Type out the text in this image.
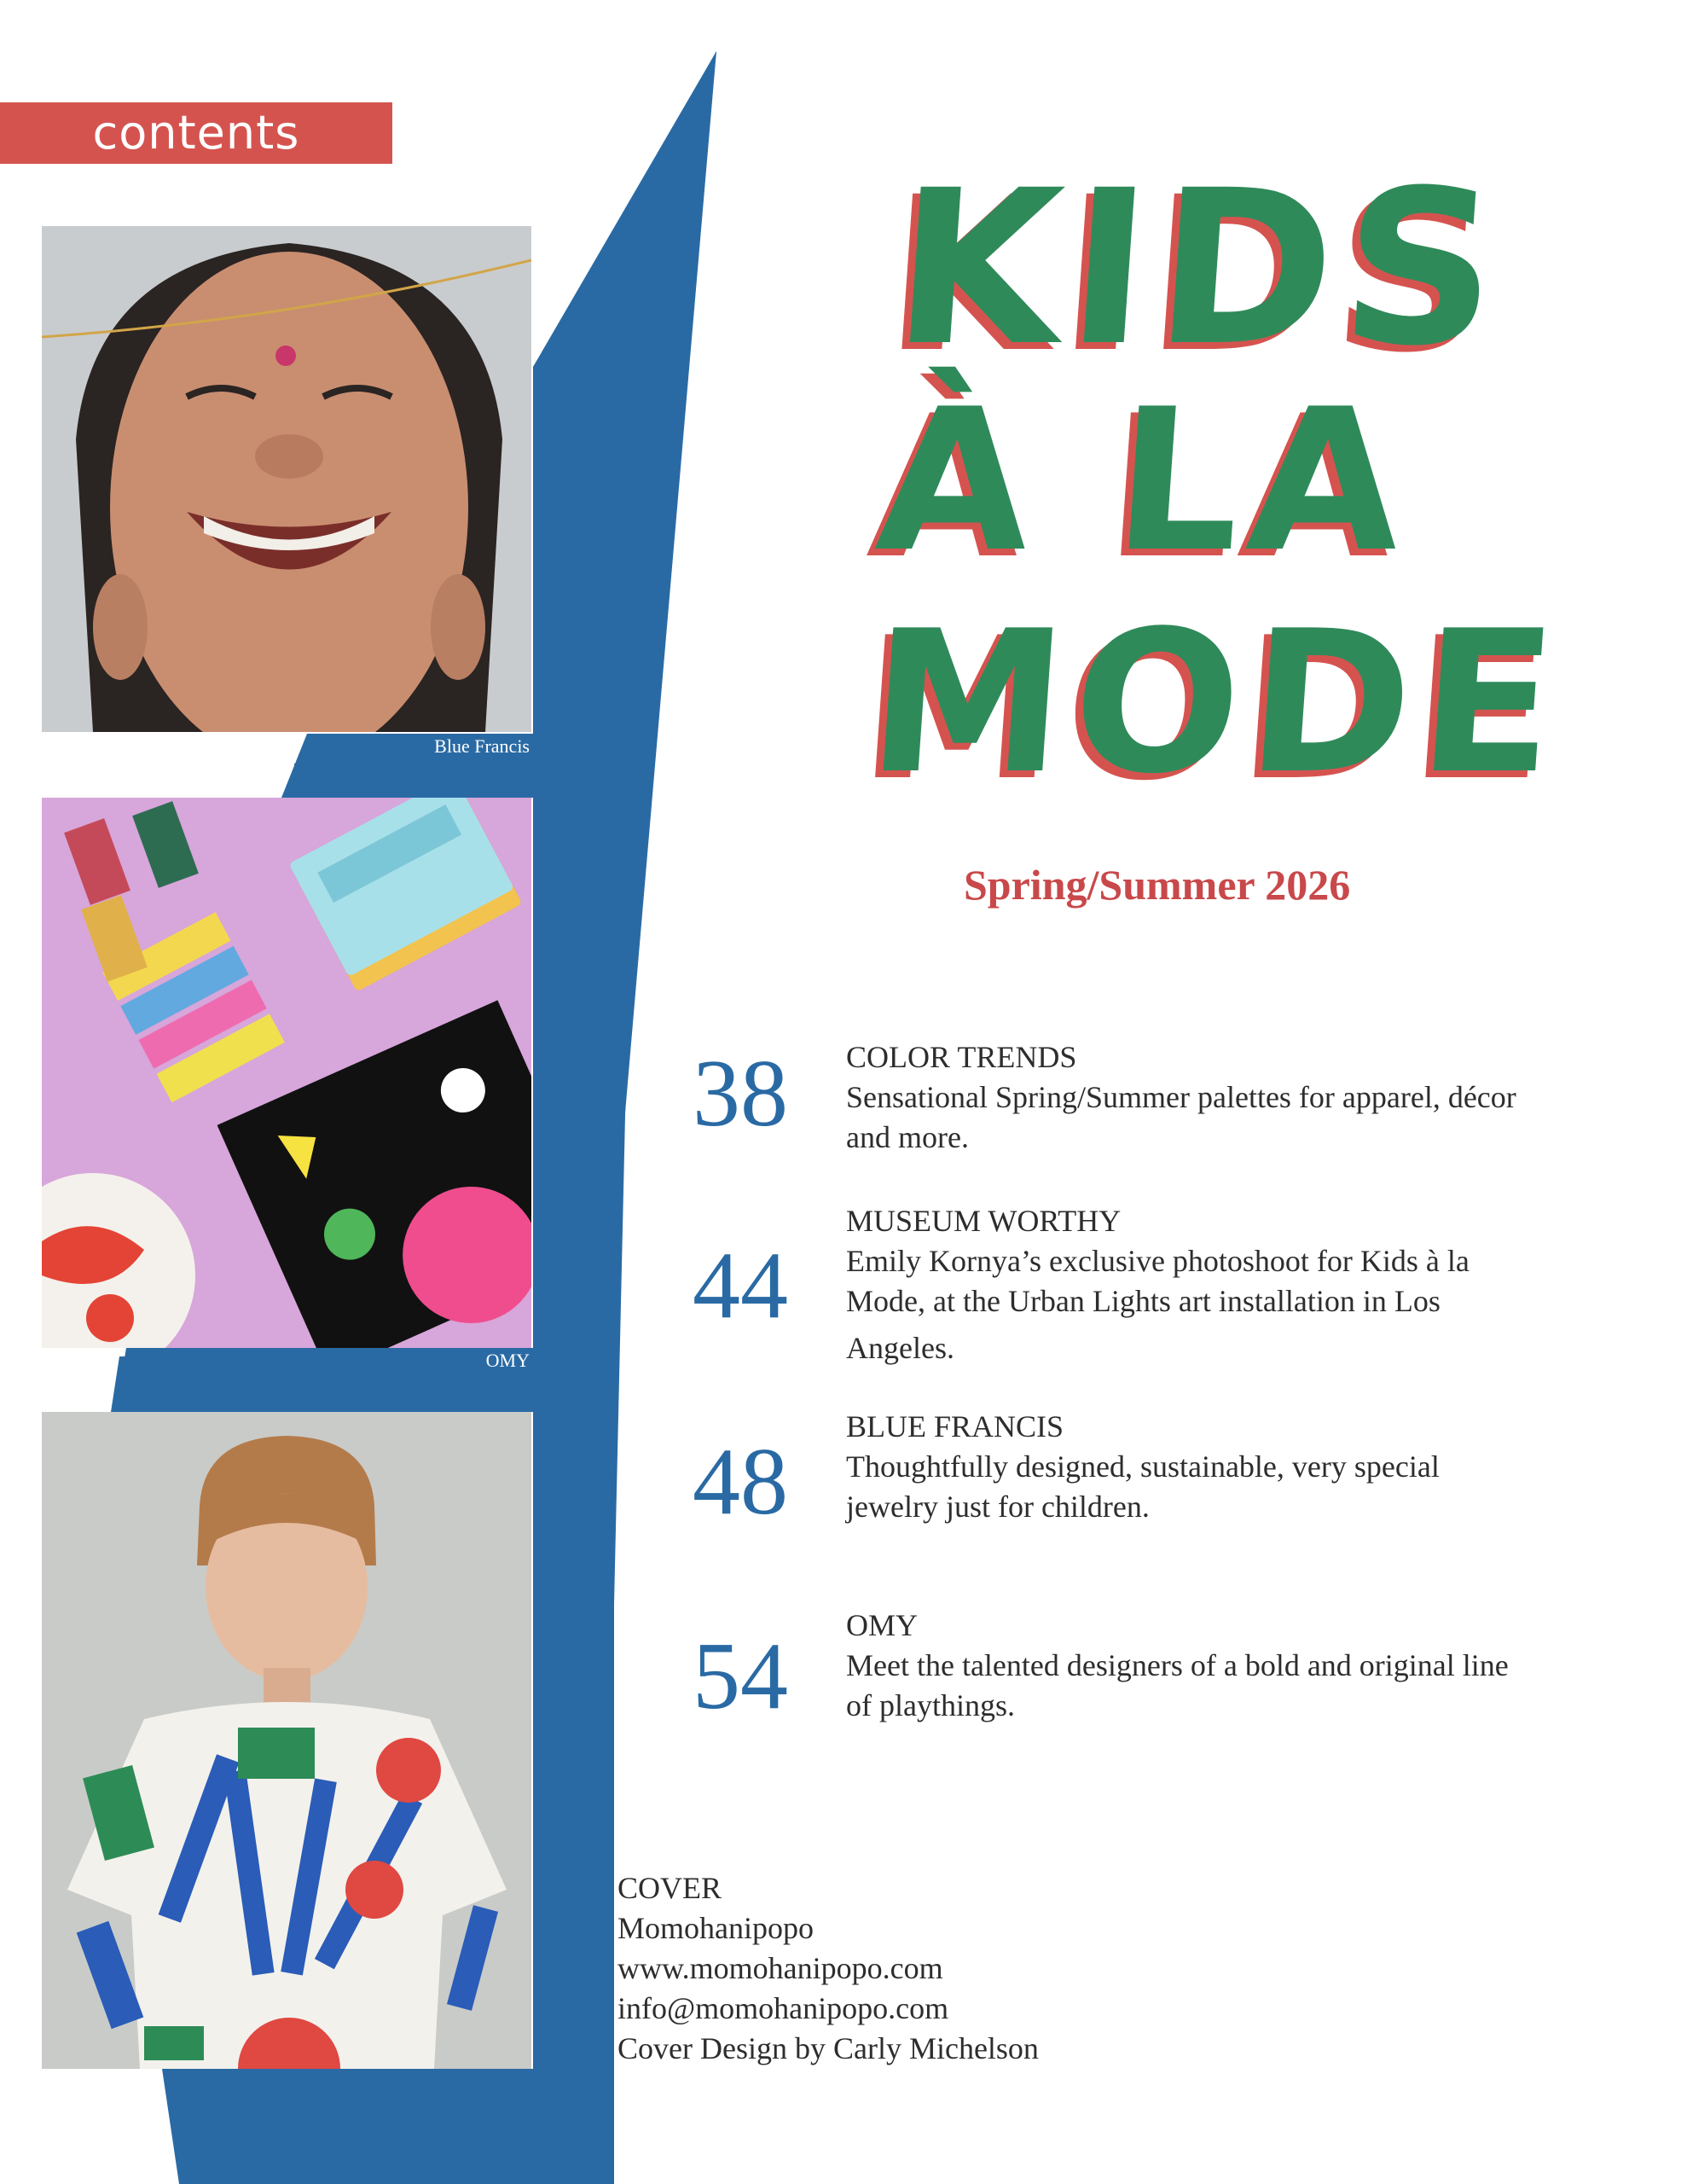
contents
Blue Francis
OMY
KIDS
À LA
MODE
Spring/Summer 2026
38	COLOR TRENDS
Sensational Spring/Summer palettes for apparel, décor
and more.
44
MUSEUM WORTHY
Emily Kornya’s exclusive photoshoot for Kids à la
Mode, at the Urban Lights art installation in Los
Angeles.
48
BLUE FRANCIS
Thoughtfully designed, sustainable, very special
jewelry just for children.
54	OMY
Meet the talented designers of a bold and original line
of playthings.
COVER
Momohanipopo
www.momohanipopo.com
info@momohanipopo.com
Cover Design by Carly Michelson
